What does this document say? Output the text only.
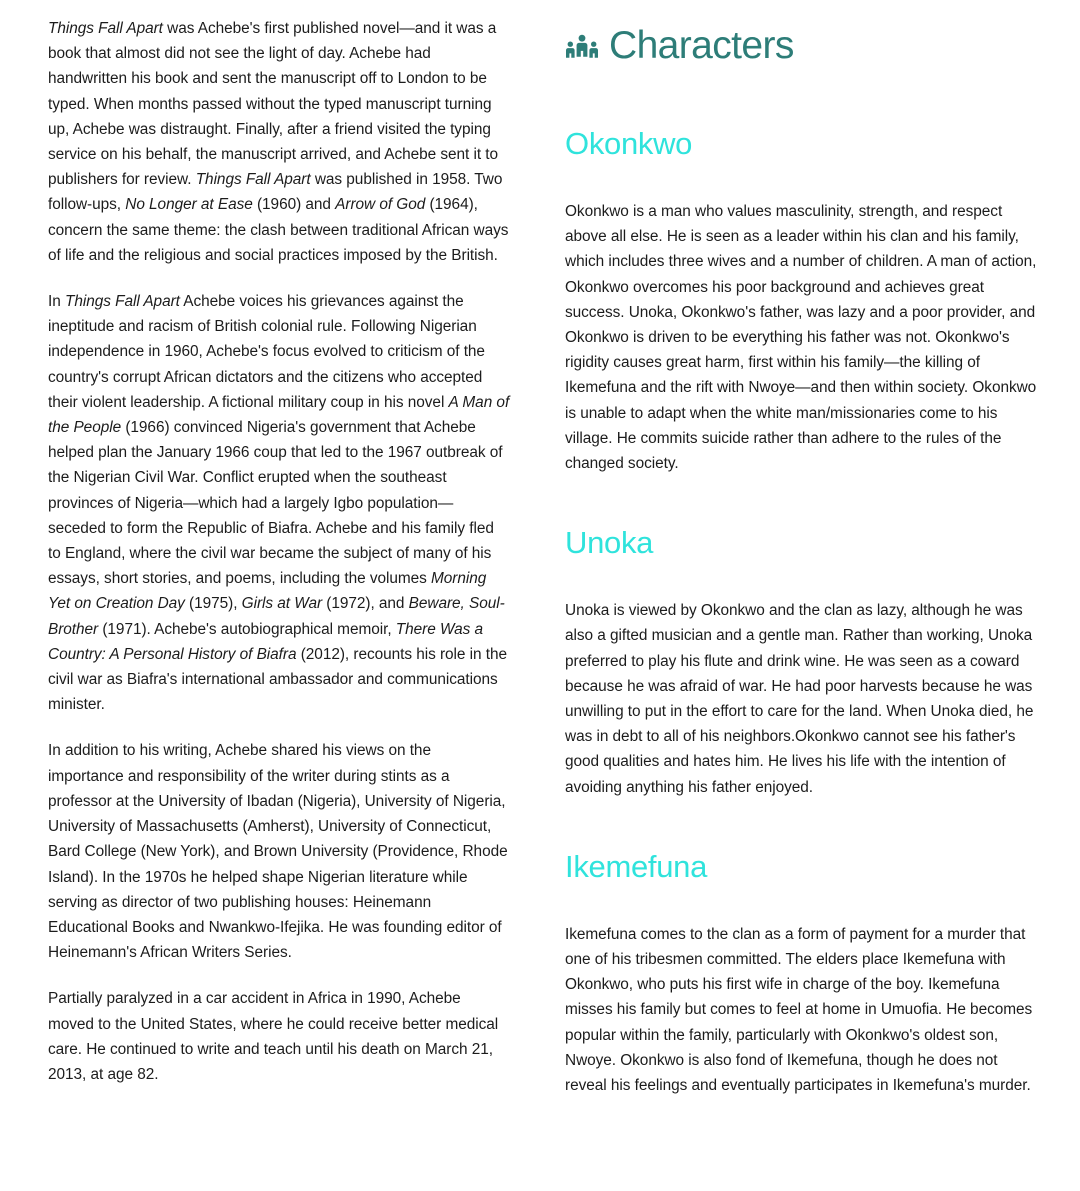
Things Fall Apart was Achebe's first published novel—and it was a book that almost did not see the light of day. Achebe had handwritten his book and sent the manuscript off to London to be typed. When months passed without the typed manuscript turning up, Achebe was distraught. Finally, after a friend visited the typing service on his behalf, the manuscript arrived, and Achebe sent it to publishers for review. Things Fall Apart was published in 1958. Two follow-ups, No Longer at Ease (1960) and Arrow of God (1964), concern the same theme: the clash between traditional African ways of life and the religious and social practices imposed by the British.

In Things Fall Apart Achebe voices his grievances against the ineptitude and racism of British colonial rule. Following Nigerian independence in 1960, Achebe's focus evolved to criticism of the country's corrupt African dictators and the citizens who accepted their violent leadership. A fictional military coup in his novel A Man of the People (1966) convinced Nigeria's government that Achebe helped plan the January 1966 coup that led to the 1967 outbreak of the Nigerian Civil War. Conflict erupted when the southeast provinces of Nigeria—which had a largely Igbo population—seceded to form the Republic of Biafra. Achebe and his family fled to England, where the civil war became the subject of many of his essays, short stories, and poems, including the volumes Morning Yet on Creation Day (1975), Girls at War (1972), and Beware, Soul-Brother (1971). Achebe's autobiographical memoir, There Was a Country: A Personal History of Biafra (2012), recounts his role in the civil war as Biafra's international ambassador and communications minister.

In addition to his writing, Achebe shared his views on the importance and responsibility of the writer during stints as a professor at the University of Ibadan (Nigeria), University of Nigeria, University of Massachusetts (Amherst), University of Connecticut, Bard College (New York), and Brown University (Providence, Rhode Island). In the 1970s he helped shape Nigerian literature while serving as director of two publishing houses: Heinemann Educational Books and Nwankwo-Ifejika. He was founding editor of Heinemann's African Writers Series.

Partially paralyzed in a car accident in Africa in 1990, Achebe moved to the United States, where he could receive better medical care. He continued to write and teach until his death on March 21, 2013, at age 82.

Characters
Okonkwo

Okonkwo is a man who values masculinity, strength, and respect above all else. He is seen as a leader within his clan and his family, which includes three wives and a number of children. A man of action, Okonkwo overcomes his poor background and achieves great success. Unoka, Okonkwo's father, was lazy and a poor provider, and Okonkwo is driven to be everything his father was not. Okonkwo's rigidity causes great harm, first within his family—the killing of Ikemefuna and the rift with Nwoye—and then within society. Okonkwo is unable to adapt when the white man/missionaries come to his village. He commits suicide rather than adhere to the rules of the changed society.

Unoka

Unoka is viewed by Okonkwo and the clan as lazy, although he was also a gifted musician and a gentle man. Rather than working, Unoka preferred to play his flute and drink wine. He was seen as a coward because he was afraid of war. He had poor harvests because he was unwilling to put in the effort to care for the land. When Unoka died, he was in debt to all of his neighbors.Okonkwo cannot see his father's good qualities and hates him. He lives his life with the intention of avoiding anything his father enjoyed.

Ikemefuna

Ikemefuna comes to the clan as a form of payment for a murder that one of his tribesmen committed. The elders place Ikemefuna with Okonkwo, who puts his first wife in charge of the boy. Ikemefuna misses his family but comes to feel at home in Umuofia. He becomes popular within the family, particularly with Okonkwo's oldest son, Nwoye. Okonkwo is also fond of Ikemefuna, though he does not reveal his feelings and eventually participates in Ikemefuna's murder.
